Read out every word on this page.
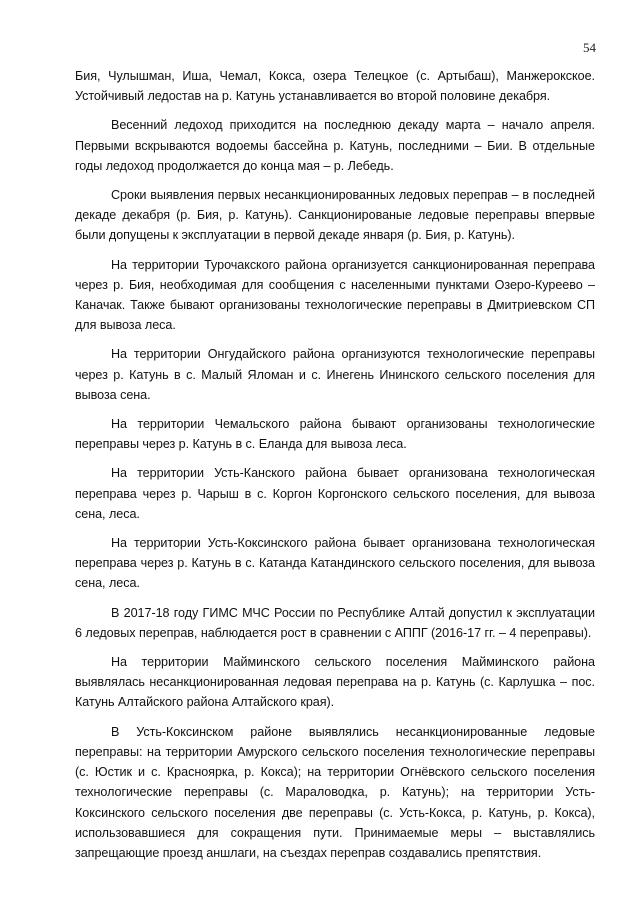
54

Бия, Чулышман, Иша, Чемал, Кокса, озера Телецкое (с. Артыбаш), Манжерокское. Устойчивый ледостав на р. Катунь устанавливается во второй половине декабря.

Весенний ледоход приходится на последнюю декаду марта – начало апреля. Первыми вскрываются водоемы бассейна р. Катунь, последними – Бии. В отдельные годы ледоход продолжается до конца мая – р. Лебедь.

Сроки выявления первых несанкционированных ледовых переправ – в последней декаде декабря (р. Бия, р. Катунь). Санкционированые ледовые переправы впервые были допущены к эксплуатации в первой декаде января (р. Бия, р. Катунь).

На территории Турочакского района организуется санкционированная переправа через р. Бия, необходимая для сообщения с населенными пунктами Озеро-Куреево – Каначак. Также бывают организованы технологические переправы в Дмитриевском СП для вывоза леса.

На территории Онгудайского района организуются технологические переправы через р. Катунь в с. Малый Яломан и с. Инегень Ининского сельского поселения для вывоза сена.

На территории Чемальского района бывают организованы технологические переправы через р. Катунь в с. Еланда для вывоза леса.

На территории Усть-Канского района бывает организована технологическая переправа через р. Чарыш в с. Коргон Коргонского сельского поселения, для вывоза сена, леса.

На территории Усть-Коксинского района бывает организована технологическая переправа через р. Катунь в с. Катанда Катандинского сельского поселения, для вывоза сена, леса.

В 2017-18 году ГИМС МЧС России по Республике Алтай допустил к эксплуатации 6 ледовых переправ, наблюдается рост в сравнении с АППГ (2016-17 гг. – 4 переправы).

На территории Майминского сельского поселения Майминского района выявлялась несанкционированная ледовая переправа на р. Катунь (с. Карлушка – пос. Катунь Алтайского района Алтайского края).

В Усть-Коксинском районе выявлялись несанкционированные ледовые переправы: на территории Амурского сельского поселения технологические переправы (с. Юстик и с. Красноярка, р. Кокса); на территории Огнёвского сельского поселения технологические переправы (с. Мараловодка, р. Катунь); на территории Усть-Коксинского сельского поселения две переправы (с. Усть-Кокса, р. Катунь, р. Кокса), использовавшиеся для сокращения пути. Принимаемые меры – выставлялись запрещающие проезд аншлаги, на съездах переправ создавались препятствия.
